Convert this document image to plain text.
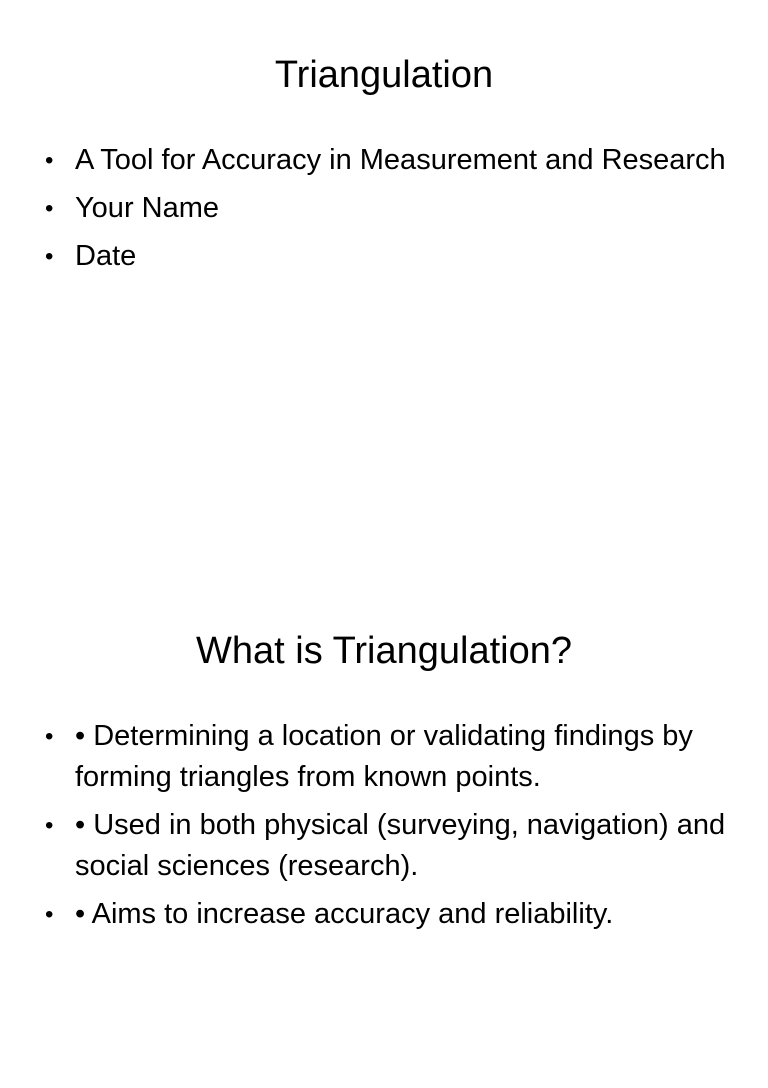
Triangulation
• A Tool for Accuracy in Measurement and Research
• Your Name
• Date
What is Triangulation?
• • Determining a location or validating findings by forming triangles from known points.
• • Used in both physical (surveying, navigation) and social sciences (research).
• • Aims to increase accuracy and reliability.
